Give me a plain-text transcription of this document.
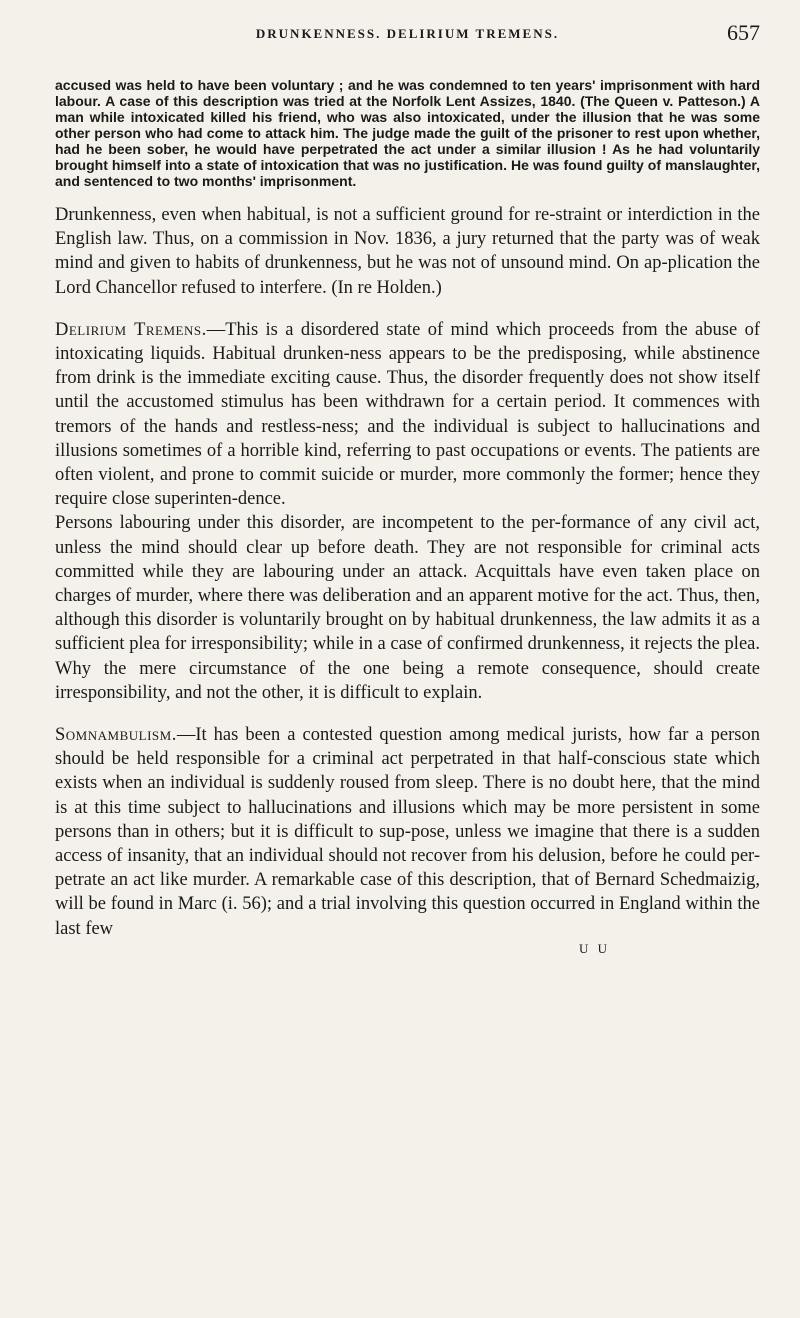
DRUNKENNESS. DELIRIUM TREMENS.	657

accused was held to have been voluntary ; and he was condemned to ten years' imprisonment with hard labour. A case of this description was tried at the Norfolk Lent Assizes, 1840. (The Queen v. Patteson.) A man while intoxicated killed his friend, who was also intoxicated, under the illusion that he was some other person who had come to attack him. The judge made the guilt of the prisoner to rest upon whether, had he been sober, he would have perpetrated the act under a similar illusion ! As he had voluntarily brought himself into a state of intoxication that was no justification. He was found guilty of manslaughter, and sentenced to two months' imprisonment.

Drunkenness, even when habitual, is not a sufficient ground for re-straint or interdiction in the English law. Thus, on a commission in Nov. 1836, a jury returned that the party was of weak mind and given to habits of drunkenness, but he was not of unsound mind. On ap-plication the Lord Chancellor refused to interfere. (In re Holden.)

Delirium Tremens.—This is a disordered state of mind which proceeds from the abuse of intoxicating liquids. Habitual drunken-ness appears to be the predisposing, while abstinence from drink is the immediate exciting cause. Thus, the disorder frequently does not show itself until the accustomed stimulus has been withdrawn for a certain period. It commences with tremors of the hands and restless-ness; and the individual is subject to hallucinations and illusions sometimes of a horrible kind, referring to past occupations or events. The patients are often violent, and prone to commit suicide or murder, more commonly the former; hence they require close superinten-dence.

Persons labouring under this disorder, are incompetent to the per-formance of any civil act, unless the mind should clear up before death. They are not responsible for criminal acts committed while they are labouring under an attack. Acquittals have even taken place on charges of murder, where there was deliberation and an apparent motive for the act. Thus, then, although this disorder is voluntarily brought on by habitual drunkenness, the law admits it as a sufficient plea for irresponsibility; while in a case of confirmed drunkenness, it rejects the plea. Why the mere circumstance of the one being a remote consequence, should create irresponsibility, and not the other, it is difficult to explain.

Somnambulism.—It has been a contested question among medical jurists, how far a person should be held responsible for a criminal act perpetrated in that half-conscious state which exists when an individual is suddenly roused from sleep. There is no doubt here, that the mind is at this time subject to hallucinations and illusions which may be more persistent in some persons than in others; but it is difficult to sup-pose, unless we imagine that there is a sudden access of insanity, that an individual should not recover from his delusion, before he could per-petrate an act like murder. A remarkable case of this description, that of Bernard Schedmaizig, will be found in Marc (i. 56); and a trial involving this question occurred in England within the last few

U U
